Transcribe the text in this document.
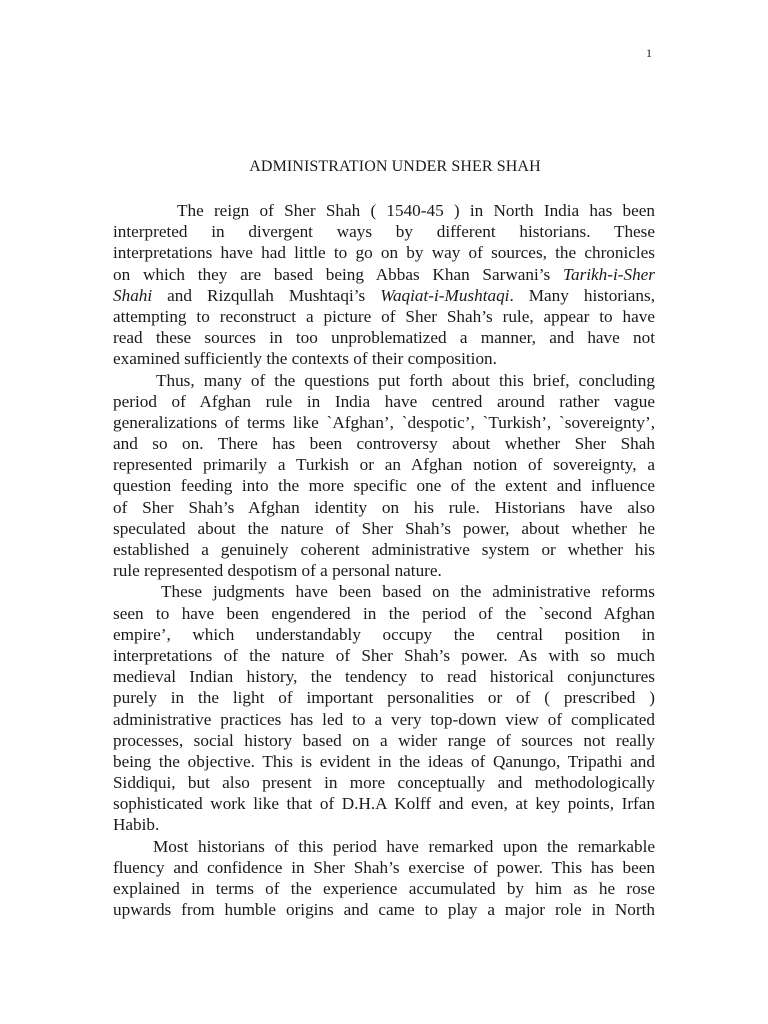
1
ADMINISTRATION UNDER SHER SHAH
The reign of Sher Shah ( 1540-45 ) in North India has been
interpreted in divergent ways by different historians. These
interpretations have had little to go on by way of sources, the chronicles
on which they are based being Abbas Khan Sarwani’s Tarikh-i-Sher
Shahi and Rizqullah Mushtaqi’s Waqiat-i-Mushtaqi. Many historians,
attempting to reconstruct a picture of Sher Shah’s rule, appear to have
read these sources in too unproblematized a manner, and have not
examined sufficiently the contexts of their composition.
Thus, many of the questions put forth about this brief, concluding
period of Afghan rule in India have centred around rather vague
generalizations of terms like `Afghan’, `despotic’, `Turkish’, `sovereignty’,
and so on. There has been controversy about whether Sher Shah
represented primarily a Turkish or an Afghan notion of sovereignty, a
question feeding into the more specific one of the extent and influence
of Sher Shah’s Afghan identity on his rule. Historians have also
speculated about the nature of Sher Shah’s power, about whether he
established a genuinely coherent administrative system or whether his
rule represented despotism of a personal nature.
These judgments have been based on the administrative reforms
seen to have been engendered in the period of the `second Afghan
empire’, which understandably occupy the central position in
interpretations of the nature of Sher Shah’s power. As with so much
medieval Indian history, the tendency to read historical conjunctures
purely in the light of important personalities or of ( prescribed )
administrative practices has led to a very top-down view of complicated
processes, social history based on a wider range of sources not really
being the objective. This is evident in the ideas of Qanungo, Tripathi and
Siddiqui, but also present in more conceptually and methodologically
sophisticated work like that of D.H.A Kolff and even, at key points, Irfan
Habib.
Most historians of this period have remarked upon the remarkable
fluency and confidence in Sher Shah’s exercise of power. This has been
explained in terms of the experience accumulated by him as he rose
upwards from humble origins and came to play a major role in North
